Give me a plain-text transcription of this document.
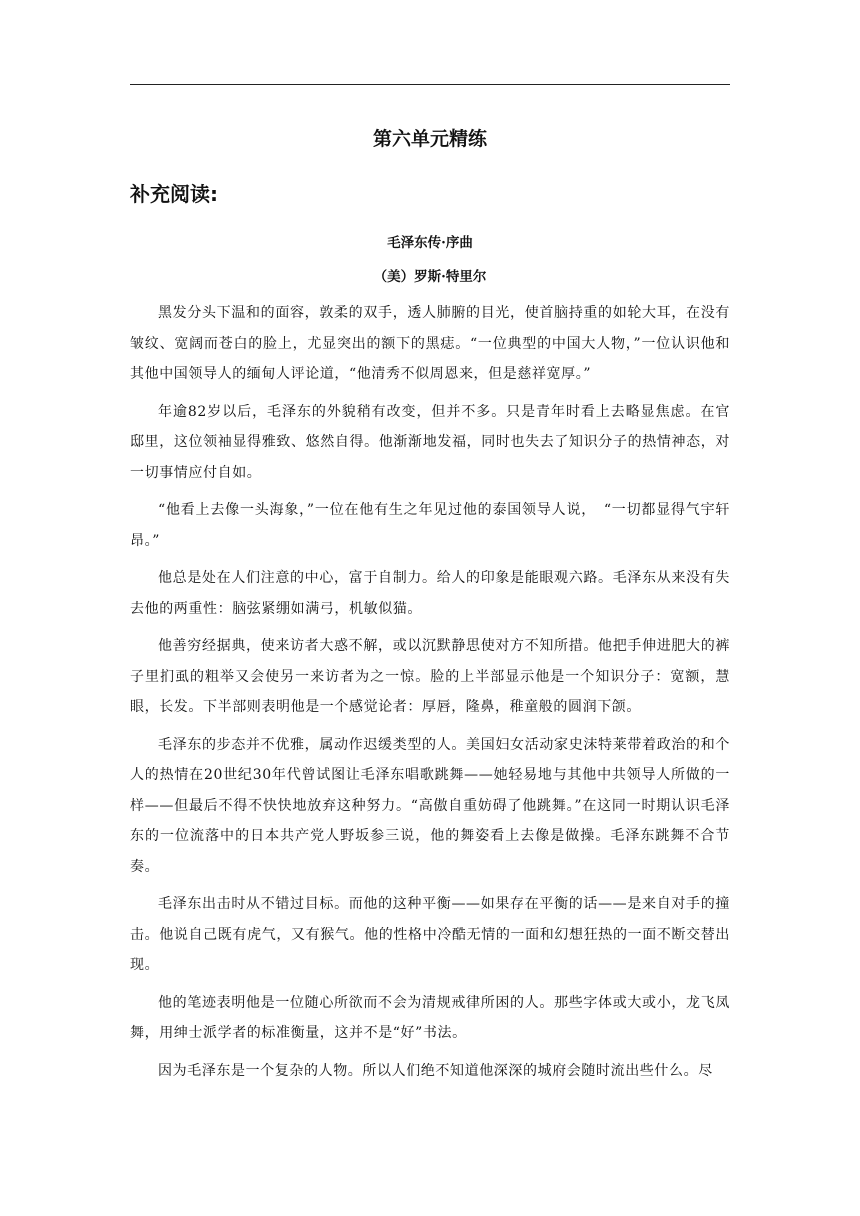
第六单元精练
补充阅读:
毛泽东传·序曲
（美）罗斯·特里尔

黑发分头下温和的面容，敦柔的双手，透人肺腑的目光，使首脑持重的如轮大耳，在没有皱纹、宽阔而苍白的脸上，尤显突出的额下的黑痣。“一位典型的中国大人物，”一位认识他和其他中国领导人的缅甸人评论道，“他清秀不似周恩来，但是慈祥宽厚。”

年逾82岁以后，毛泽东的外貌稍有改变，但并不多。只是青年时看上去略显焦虑。在官邸里，这位领袖显得雅致、悠然自得。他渐渐地发福，同时也失去了知识分子的热情神态，对一切事情应付自如。

“他看上去像一头海象，”一位在他有生之年见过他的泰国领导人说，　“一切都显得气宇轩昂。”

他总是处在人们注意的中心，富于自制力。给人的印象是能眼观六路。毛泽东从来没有失去他的两重性：脑弦紧绷如满弓，机敏似猫。

他善穷经据典，使来访者大惑不解，或以沉默静思使对方不知所措。他把手伸进肥大的裤子里扪虱的粗举又会使另一来访者为之一惊。脸的上半部显示他是一个知识分子：宽额，慧眼，长发。下半部则表明他是一个感觉论者：厚唇，隆鼻，稚童般的圆润下颌。

毛泽东的步态并不优雅，属动作迟缓类型的人。美国妇女活动家史沫特莱带着政治的和个人的热情在20世纪30年代曾试图让毛泽东唱歌跳舞——她轻易地与其他中共领导人所做的一样——但最后不得不快快地放弃这种努力。“高傲自重妨碍了他跳舞。”在这同一时期认识毛泽东的一位流落中的日本共产党人野坂参三说，他的舞姿看上去像是做操。毛泽东跳舞不合节奏。

毛泽东出击时从不错过目标。而他的这种平衡——如果存在平衡的话——是来自对手的撞击。他说自己既有虎气，又有猴气。他的性格中冷酷无情的一面和幻想狂热的一面不断交替出现。

他的笔迹表明他是一位随心所欲而不会为清规戒律所困的人。那些字体或大或小，龙飞凤舞，用绅士派学者的标准衡量，这并不是“好”书法。

因为毛泽东是一个复杂的人物。所以人们绝不知道他深深的城府会随时流出些什么。尽
